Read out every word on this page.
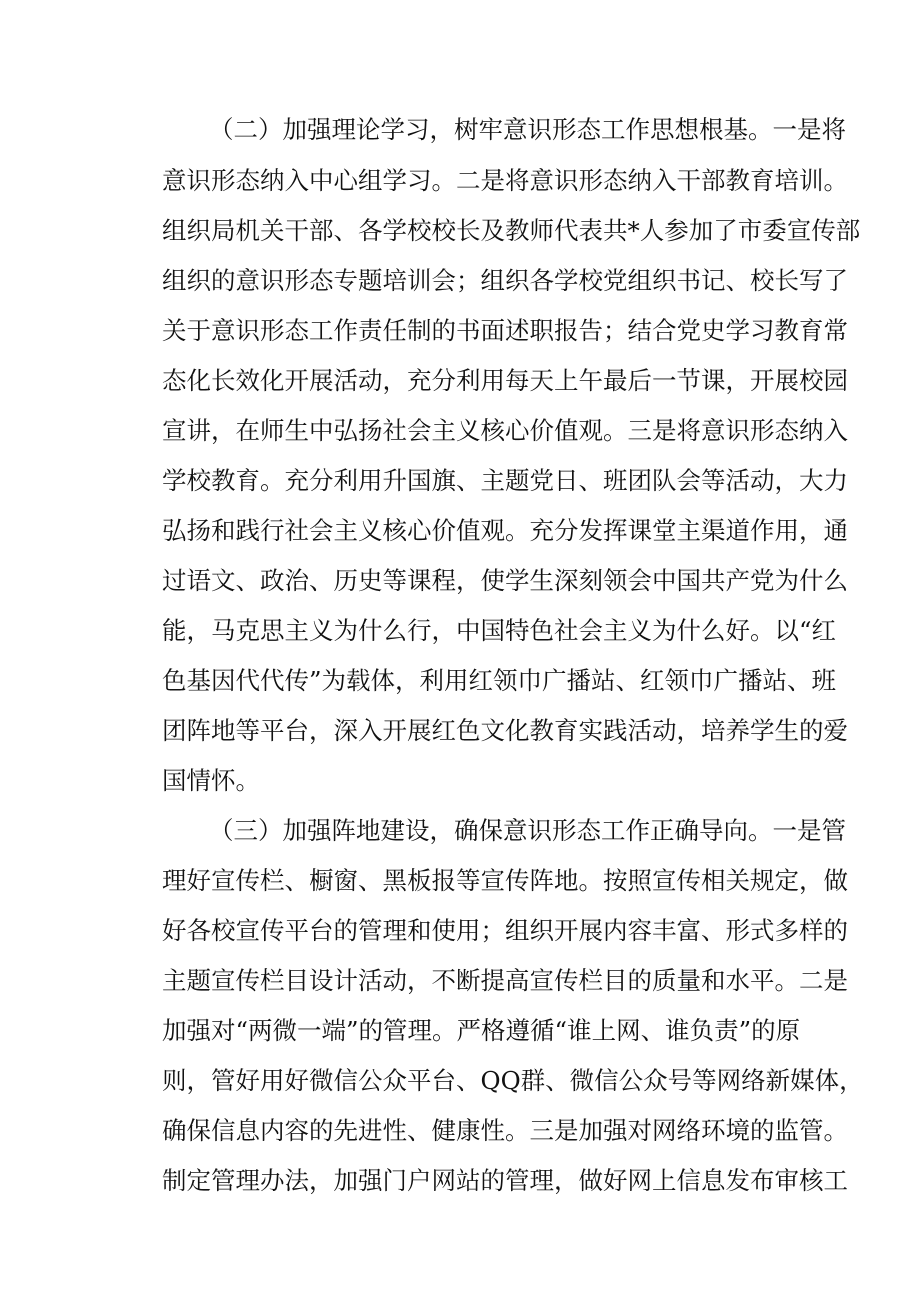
（二）加强理论学习，树牢意识形态工作思想根基。一是将
意识形态纳入中心组学习。二是将意识形态纳入干部教育培训。
组织局机关干部、各学校校长及教师代表共*人参加了市委宣传部
组织的意识形态专题培训会；组织各学校党组织书记、校长写了
关于意识形态工作责任制的书面述职报告；结合党史学习教育常
态化长效化开展活动，充分利用每天上午最后一节课，开展校园
宣讲，在师生中弘扬社会主义核心价值观。三是将意识形态纳入
学校教育。充分利用升国旗、主题党日、班团队会等活动，大力
弘扬和践行社会主义核心价值观。充分发挥课堂主渠道作用，通
过语文、政治、历史等课程，使学生深刻领会中国共产党为什么
能，马克思主义为什么行，中国特色社会主义为什么好。以“红
色基因代代传”为载体，利用红领巾广播站、红领巾广播站、班
团阵地等平台，深入开展红色文化教育实践活动，培养学生的爱
国情怀。
（三）加强阵地建设，确保意识形态工作正确导向。一是管
理好宣传栏、橱窗、黑板报等宣传阵地。按照宣传相关规定，做
好各校宣传平台的管理和使用；组织开展内容丰富、形式多样的
主题宣传栏目设计活动，不断提高宣传栏目的质量和水平。二是
加强对“两微一端”的管理。严格遵循“谁上网、谁负责”的原
则，管好用好微信公众平台、QQ群、微信公众号等网络新媒体，
确保信息内容的先进性、健康性。三是加强对网络环境的监管。
制定管理办法，加强门户网站的管理，做好网上信息发布审核工
